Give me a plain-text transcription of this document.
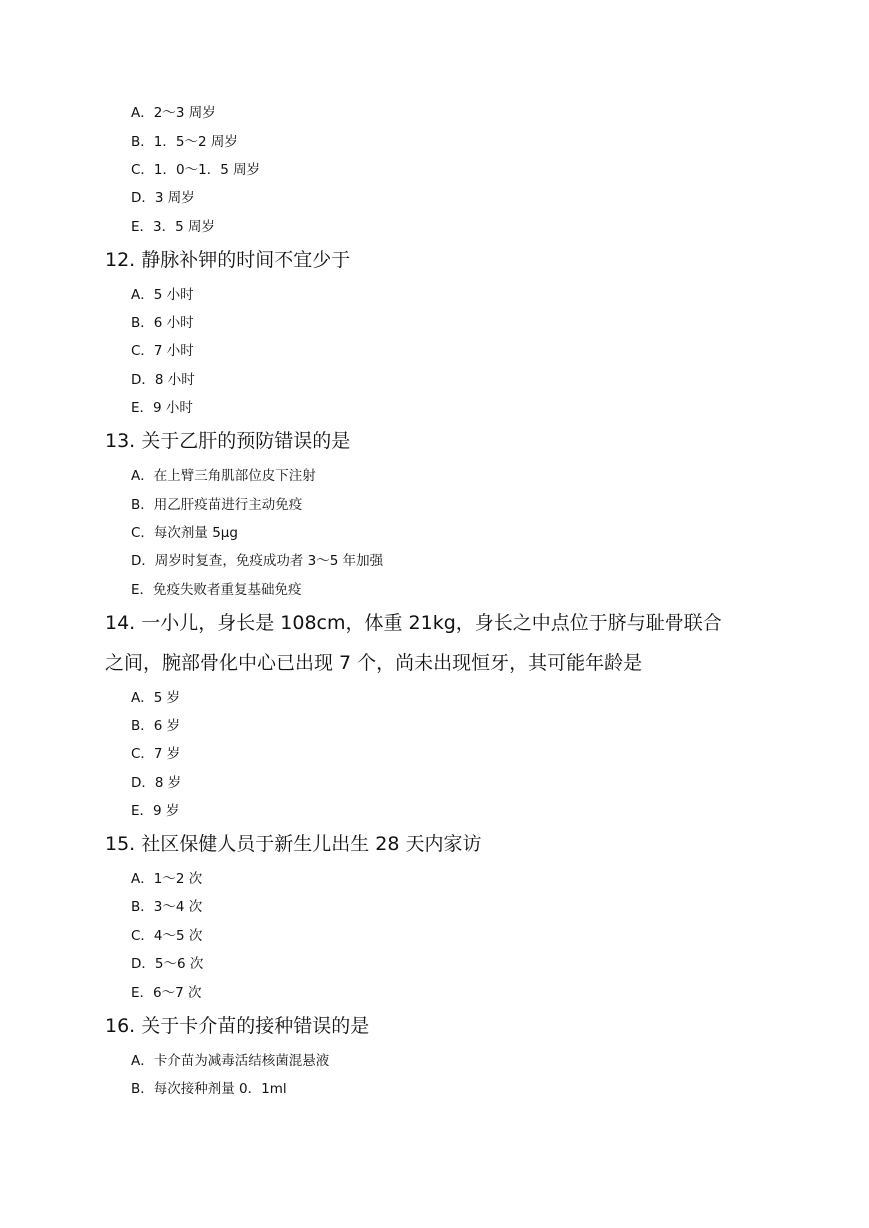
A．2～3 周岁
B．1．5～2 周岁
C．1．0～1．5 周岁
D．3 周岁
E．3．5 周岁
12. 静脉补钾的时间不宜少于
A．5 小时
B．6 小时
C．7 小时
D．8 小时
E．9 小时
13. 关于乙肝的预防错误的是
A．在上臂三角肌部位皮下注射
B．用乙肝疫苗进行主动免疫
C．每次剂量 5μg
D．周岁时复查，免疫成功者 3～5 年加强
E．免疫失败者重复基础免疫
14. 一小儿，身长是 108cm，体重 21kg，身长之中点位于脐与耻骨联合
之间，腕部骨化中心已出现 7 个，尚未出现恒牙，其可能年龄是
A．5 岁
B．6 岁
C．7 岁
D．8 岁
E．9 岁
15. 社区保健人员于新生儿出生 28 天内家访
A．1～2 次
B．3～4 次
C．4～5 次
D．5～6 次
E．6～7 次
16. 关于卡介苗的接种错误的是
A．卡介苗为减毒活结核菌混悬液
B．每次接种剂量 0．1ml
